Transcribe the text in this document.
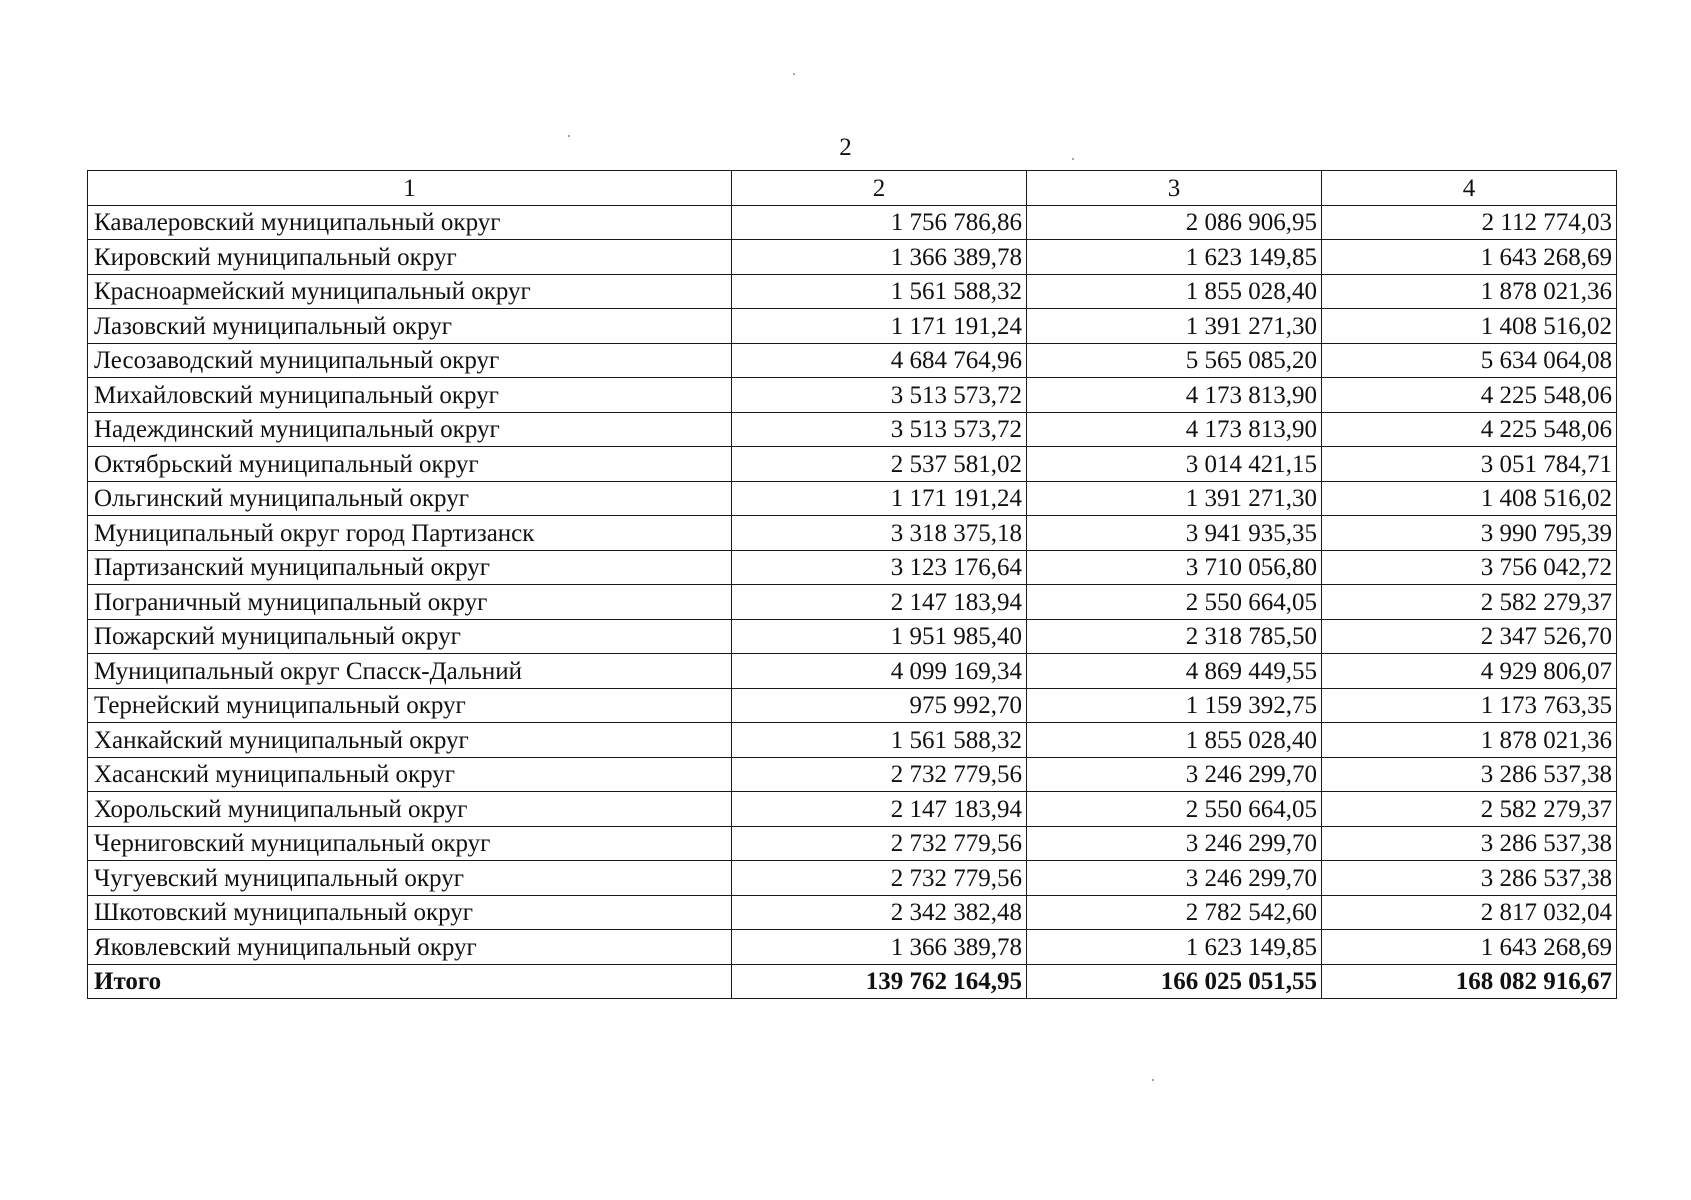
2
1	2	3	4
Кавалеровский муниципальный округ	1 756 786,86	2 086 906,95	2 112 774,03
Кировский муниципальный округ	1 366 389,78	1 623 149,85	1 643 268,69
Красноармейский муниципальный округ	1 561 588,32	1 855 028,40	1 878 021,36
Лазовский муниципальный округ	1 171 191,24	1 391 271,30	1 408 516,02
Лесозаводский муниципальный округ	4 684 764,96	5 565 085,20	5 634 064,08
Михайловский муниципальный округ	3 513 573,72	4 173 813,90	4 225 548,06
Надеждинский муниципальный округ	3 513 573,72	4 173 813,90	4 225 548,06
Октябрьский муниципальный округ	2 537 581,02	3 014 421,15	3 051 784,71
Ольгинский муниципальный округ	1 171 191,24	1 391 271,30	1 408 516,02
Муниципальный округ город Партизанск	3 318 375,18	3 941 935,35	3 990 795,39
Партизанский муниципальный округ	3 123 176,64	3 710 056,80	3 756 042,72
Пограничный муниципальный округ	2 147 183,94	2 550 664,05	2 582 279,37
Пожарский муниципальный округ	1 951 985,40	2 318 785,50	2 347 526,70
Муниципальный округ Спасск-Дальний	4 099 169,34	4 869 449,55	4 929 806,07
Тернейский муниципальный округ	975 992,70	1 159 392,75	1 173 763,35
Ханкайский муниципальный округ	1 561 588,32	1 855 028,40	1 878 021,36
Хасанский муниципальный округ	2 732 779,56	3 246 299,70	3 286 537,38
Хорольский муниципальный округ	2 147 183,94	2 550 664,05	2 582 279,37
Черниговский муниципальный округ	2 732 779,56	3 246 299,70	3 286 537,38
Чугуевский муниципальный округ	2 732 779,56	3 246 299,70	3 286 537,38
Шкотовский муниципальный округ	2 342 382,48	2 782 542,60	2 817 032,04
Яковлевский муниципальный округ	1 366 389,78	1 623 149,85	1 643 268,69
Итого	139 762 164,95	166 025 051,55	168 082 916,67
